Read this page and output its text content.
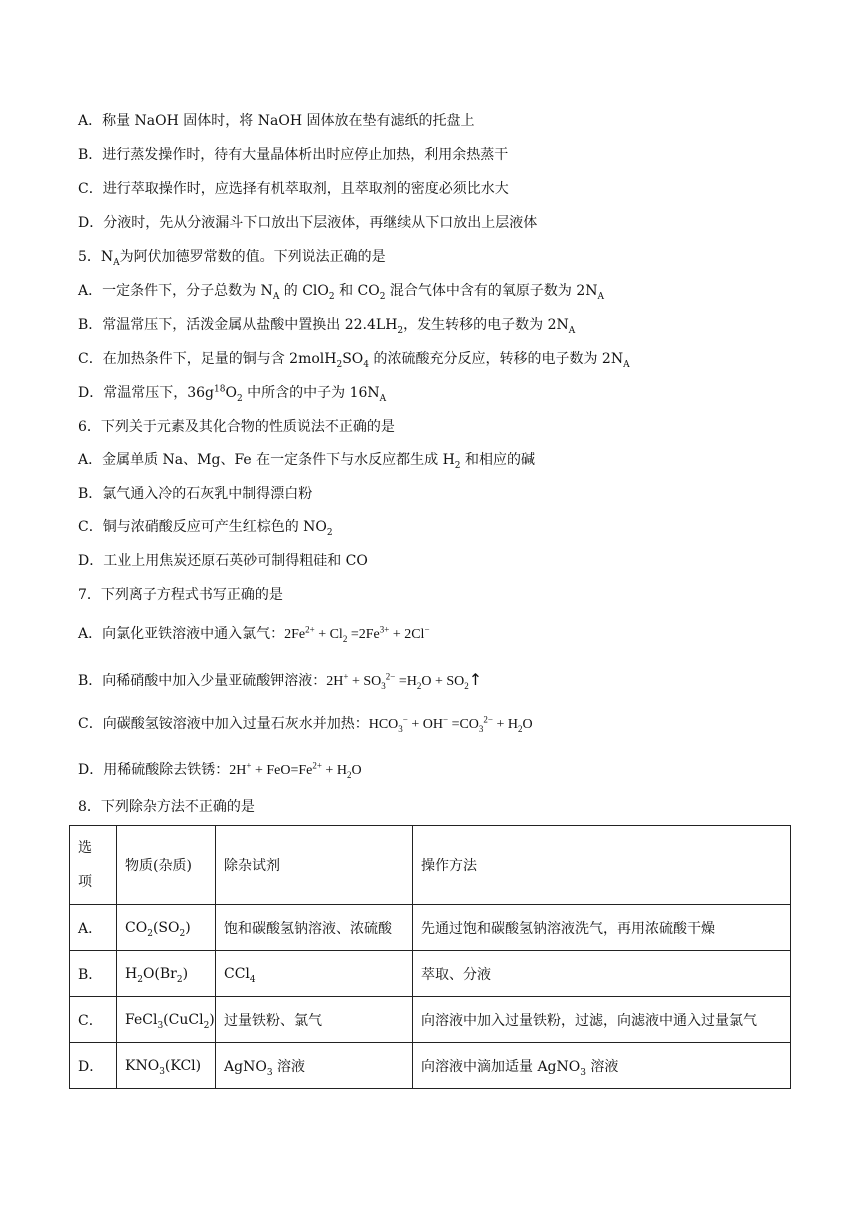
A．称量 NaOH 固体时，将 NaOH 固体放在垫有滤纸的托盘上
B．进行蒸发操作时，待有大量晶体析出时应停止加热，利用余热蒸干
C．进行萃取操作时，应选择有机萃取剂，且萃取剂的密度必须比水大
D．分液时，先从分液漏斗下口放出下层液体，再继续从下口放出上层液体
5．$N_A$为阿伏加德罗常数的值。下列说法正确的是
A．一定条件下，分子总数为 $N_A$ 的 ClO$_2$ 和 $CO_2$ 混合气体中含有的氧原子数为 $2N_A$
B．常温常压下，活泼金属从盐酸中置换出 $22.4LH_2$，发生转移的电子数为 $2N_A$
C．在加热条件下，足量的铜与含 $2molH_2SO_4$ 的浓硫酸充分反应，转移的电子数为 $2N_A$
D．常温常压下，$36g^{18}O_2$ 中所含的中子为 $16N_A$
6．下列关于元素及其化合物的性质说法不正确的是
A．金属单质 Na、Mg、Fe 在一定条件下与水反应都生成 $H_2$ 和相应的碱
B．氯气通入冷的石灰乳中制得漂白粉
C．铜与浓硝酸反应可产生红棕色的 $NO_2$
D．工业上用焦炭还原石英砂可制得粗硅和 CO
7．下列离子方程式书写正确的是
A．向氯化亚铁溶液中通入氯气：$2Fe^{2+} + Cl_2 =2Fe^{3+} + 2Cl^-$
B．向稀硝酸中加入少量亚硫酸钾溶液：$2H^+ + SO_3^{2-} =H_2O$ + $SO_2↑$
C．向碳酸氢铵溶液中加入过量石灰水并加热：$HCO_3^- + OH^- =CO_3^{2-} + H_2O$
D．用稀硫酸除去铁锈：$2H^+ + FeO=Fe^{2+} + H_2O$
8．下列除杂方法不正确的是
选
项	物质(杂质)	除杂试剂	操作方法
A．	$CO_2(SO_2)$	饱和碳酸氢钠溶液、浓硫酸	先通过饱和碳酸氢钠溶液洗气，再用浓硫酸干燥
B．	$H_2O(Br_2)$	CCl$_4$	萃取、分液
C．	FeCl$_3$(CuCl$_2$)	过量铁粉、氯气	向溶液中加入过量铁粉，过滤，向滤液中通入过量氯气
D．	$KNO_3(KCl)$	AgNO$_3$ 溶液	向溶液中滴加适量 AgNO$_3$ 溶液
